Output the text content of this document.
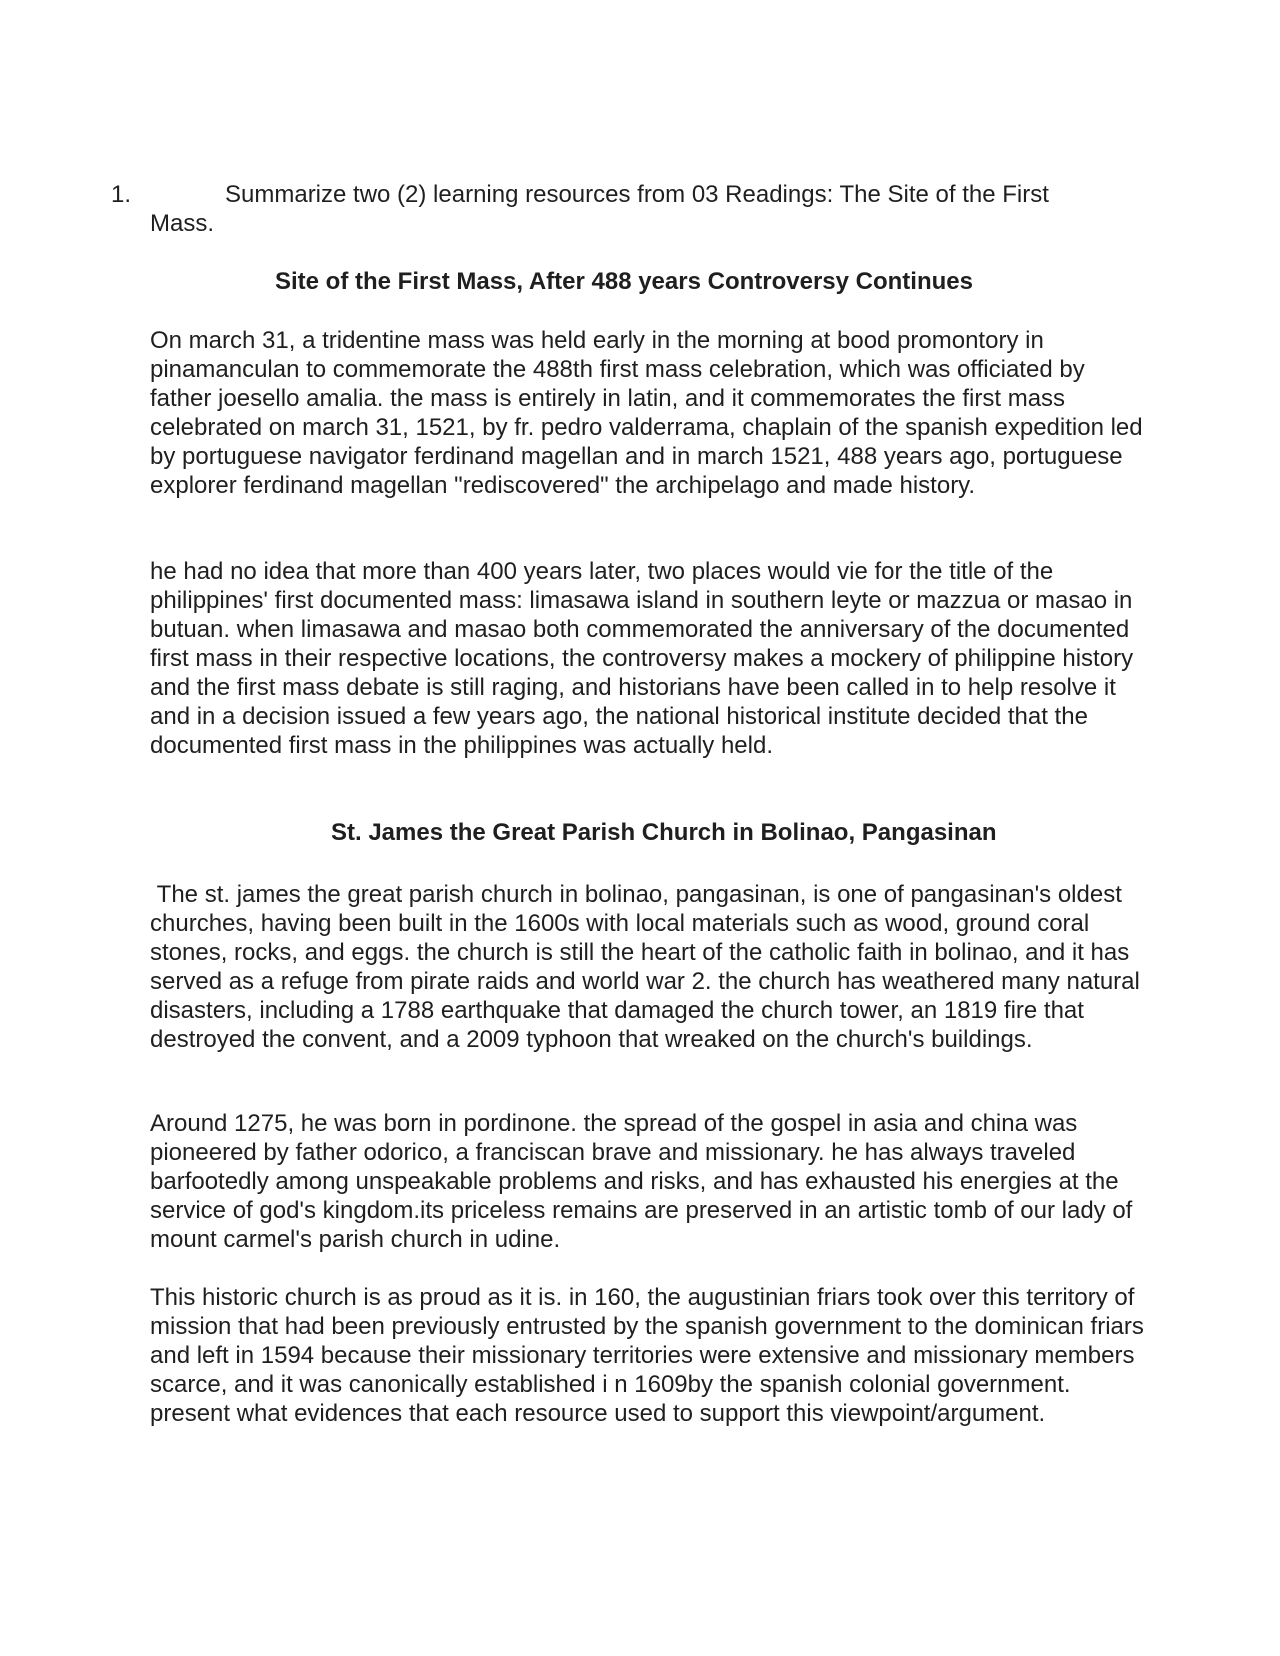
1.	Summarize two (2) learning resources from 03 Readings: The Site of the First Mass.
Site of the First Mass, After 488 years Controversy Continues

On march 31, a tridentine mass was held early in the morning at bood promontory in pinamanculan to commemorate the 488th first mass celebration, which was officiated by father joesello amalia. the mass is entirely in latin, and it commemorates the first mass celebrated on march 31, 1521, by fr. pedro valderrama, chaplain of the spanish expedition led by portuguese navigator ferdinand magellan and in march 1521, 488 years ago, portuguese explorer ferdinand magellan "rediscovered" the archipelago and made history.

he had no idea that more than 400 years later, two places would vie for the title of the philippines' first documented mass: limasawa island in southern leyte or mazzua or masao in butuan. when limasawa and masao both commemorated the anniversary of the documented first mass in their respective locations, the controversy makes a mockery of philippine history and the first mass debate is still raging, and historians have been called in to help resolve it and in a decision issued a few years ago, the national historical institute decided that the documented first mass in the philippines was actually held.

St. James the Great Parish Church in Bolinao, Pangasinan

The st. james the great parish church in bolinao, pangasinan, is one of pangasinan's oldest churches, having been built in the 1600s with local materials such as wood, ground coral stones, rocks, and eggs. the church is still the heart of the catholic faith in bolinao, and it has served as a refuge from pirate raids and world war 2. the church has weathered many natural disasters, including a 1788 earthquake that damaged the church tower, an 1819 fire that destroyed the convent, and a 2009 typhoon that wreaked on the church's buildings.

Around 1275, he was born in pordinone. the spread of the gospel in asia and china was pioneered by father odorico, a franciscan brave and missionary. he has always traveled barfootedly among unspeakable problems and risks, and has exhausted his energies at the service of god's kingdom.its priceless remains are preserved in an artistic tomb of our lady of mount carmel's parish church in udine.

This historic church is as proud as it is. in 160, the augustinian friars took over this territory of mission that had been previously entrusted by the spanish government to the dominican friars and left in 1594 because their missionary territories were extensive and missionary members scarce, and it was canonically established i n 1609by the spanish colonial government. present what evidences that each resource used to support this viewpoint/argument.
